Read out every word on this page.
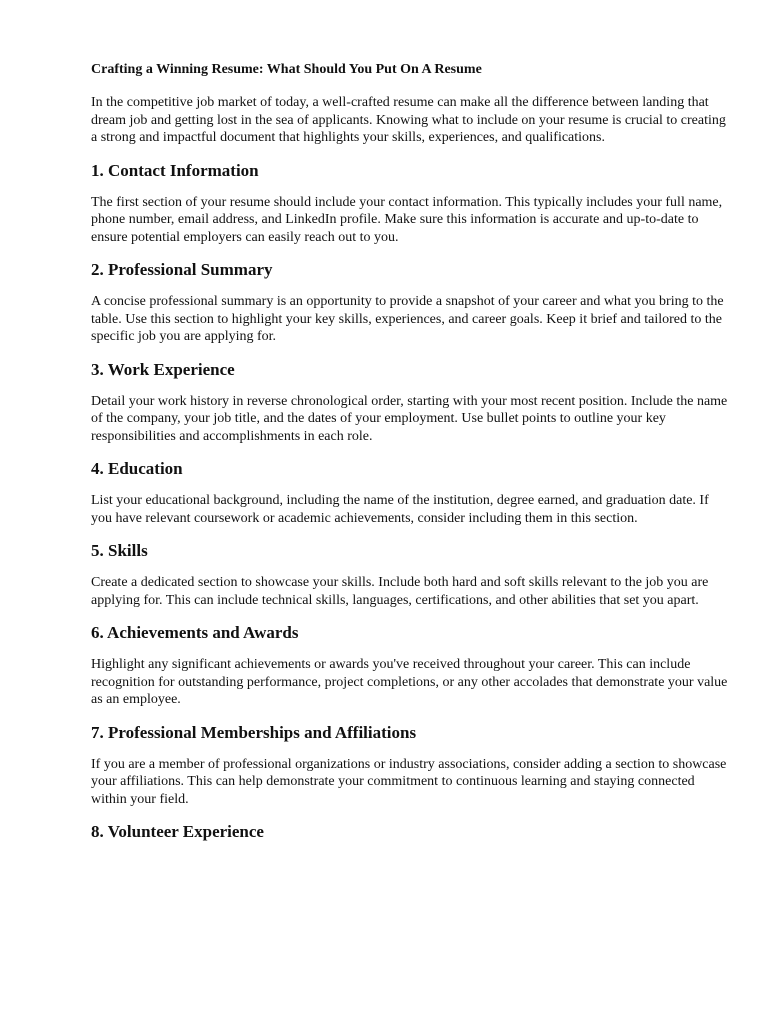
Crafting a Winning Resume: What Should You Put On A Resume

In the competitive job market of today, a well-crafted resume can make all the difference between landing that dream job and getting lost in the sea of applicants. Knowing what to include on your resume is crucial to creating a strong and impactful document that highlights your skills, experiences, and qualifications.

1. Contact Information

The first section of your resume should include your contact information. This typically includes your full name, phone number, email address, and LinkedIn profile. Make sure this information is accurate and up-to-date to ensure potential employers can easily reach out to you.

2. Professional Summary

A concise professional summary is an opportunity to provide a snapshot of your career and what you bring to the table. Use this section to highlight your key skills, experiences, and career goals. Keep it brief and tailored to the specific job you are applying for.

3. Work Experience

Detail your work history in reverse chronological order, starting with your most recent position. Include the name of the company, your job title, and the dates of your employment. Use bullet points to outline your key responsibilities and accomplishments in each role.

4. Education

List your educational background, including the name of the institution, degree earned, and graduation date. If you have relevant coursework or academic achievements, consider including them in this section.

5. Skills

Create a dedicated section to showcase your skills. Include both hard and soft skills relevant to the job you are applying for. This can include technical skills, languages, certifications, and other abilities that set you apart.

6. Achievements and Awards

Highlight any significant achievements or awards you've received throughout your career. This can include recognition for outstanding performance, project completions, or any other accolades that demonstrate your value as an employee.

7. Professional Memberships and Affiliations

If you are a member of professional organizations or industry associations, consider adding a section to showcase your affiliations. This can help demonstrate your commitment to continuous learning and staying connected within your field.

8. Volunteer Experience
